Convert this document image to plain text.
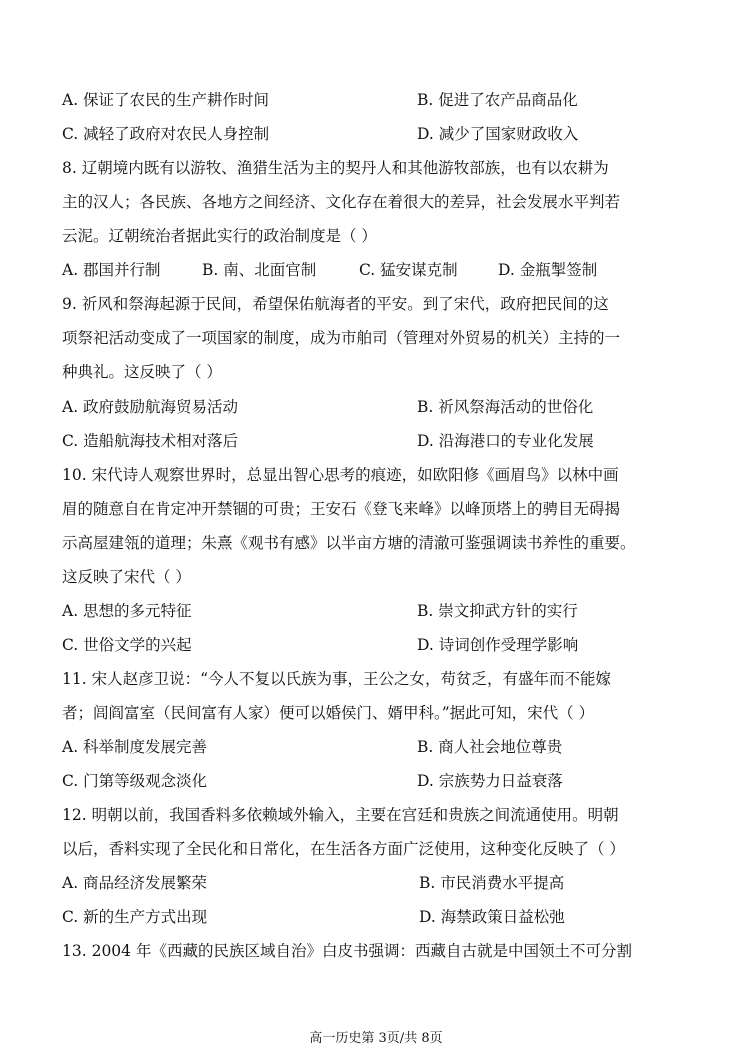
A. 保证了农民的生产耕作时间	B. 促进了农产品商品化
C. 减轻了政府对农民人身控制	D. 减少了国家财政收入
8. 辽朝境内既有以游牧、渔猎生活为主的契丹人和其他游牧部族，也有以农耕为
主的汉人；各民族、各地方之间经济、文化存在着很大的差异，社会发展水平判若
云泥。辽朝统治者据此实行的政治制度是（ ）
A. 郡国并行制	B. 南、北面官制	C. 猛安谋克制	D. 金瓶掣签制
9. 祈风和祭海起源于民间，希望保佑航海者的平安。到了宋代，政府把民间的这
项祭祀活动变成了一项国家的制度，成为市舶司（管理对外贸易的机关）主持的一
种典礼。这反映了（ ）
A. 政府鼓励航海贸易活动	B. 祈风祭海活动的世俗化
C. 造船航海技术相对落后	D. 沿海港口的专业化发展
10. 宋代诗人观察世界时，总显出智心思考的痕迹，如欧阳修《画眉鸟》以林中画
眉的随意自在肯定冲开禁锢的可贵；王安石《登飞来峰》以峰顶塔上的骋目无碍揭
示高屋建瓴的道理；朱熹《观书有感》以半亩方塘的清澈可鉴强调读书养性的重要。
这反映了宋代（ ）
A. 思想的多元特征	B. 崇文抑武方针的实行
C. 世俗文学的兴起	D. 诗词创作受理学影响
11. 宋人赵彦卫说：“今人不复以氏族为事，王公之女，苟贫乏，有盛年而不能嫁
者；闾阎富室（民间富有人家）便可以婚侯门、婿甲科。”据此可知，宋代（ ）
A. 科举制度发展完善	B. 商人社会地位尊贵
C. 门第等级观念淡化	D. 宗族势力日益衰落
12. 明朝以前，我国香料多依赖域外输入，主要在宫廷和贵族之间流通使用。明朝
以后，香料实现了全民化和日常化，在生活各方面广泛使用，这种变化反映了（ ）
A. 商品经济发展繁荣	B. 市民消费水平提高
C. 新的生产方式出现	D. 海禁政策日益松弛
13. 2004 年《西藏的民族区域自治》白皮书强调：西藏自古就是中国领土不可分割
高一历史第 3页/共 8页
